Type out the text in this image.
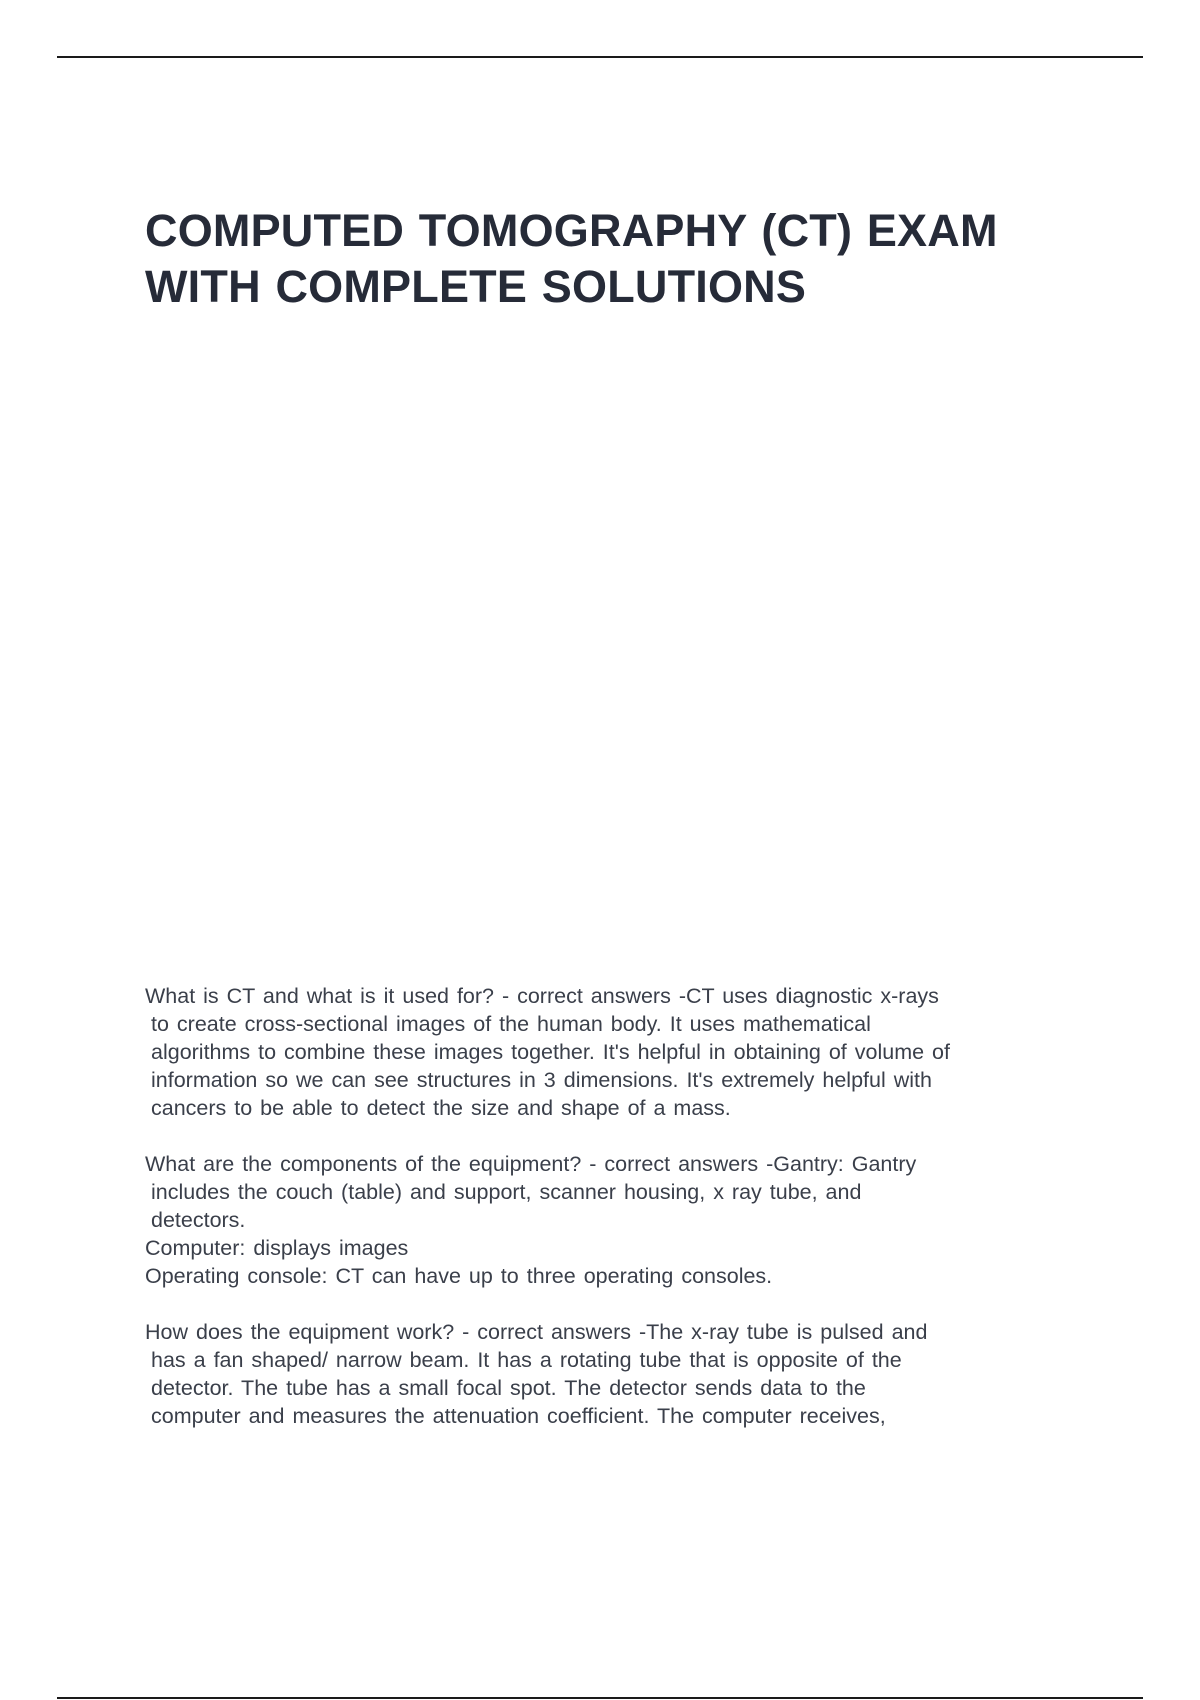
COMPUTED TOMOGRAPHY (CT) EXAM
WITH COMPLETE SOLUTIONS

What is CT and what is it used for? - correct answers -CT uses diagnostic x-rays
to create cross-sectional images of the human body. It uses mathematical
algorithms to combine these images together. It's helpful in obtaining of volume of
information so we can see structures in 3 dimensions. It's extremely helpful with
cancers to be able to detect the size and shape of a mass.

What are the components of the equipment? - correct answers -Gantry: Gantry
includes the couch (table) and support, scanner housing, x ray tube, and
detectors.
Computer: displays images
Operating console: CT can have up to three operating consoles.

How does the equipment work? - correct answers -The x-ray tube is pulsed and
has a fan shaped/ narrow beam. It has a rotating tube that is opposite of the
detector. The tube has a small focal spot. The detector sends data to the
computer and measures the attenuation coefficient. The computer receives,
